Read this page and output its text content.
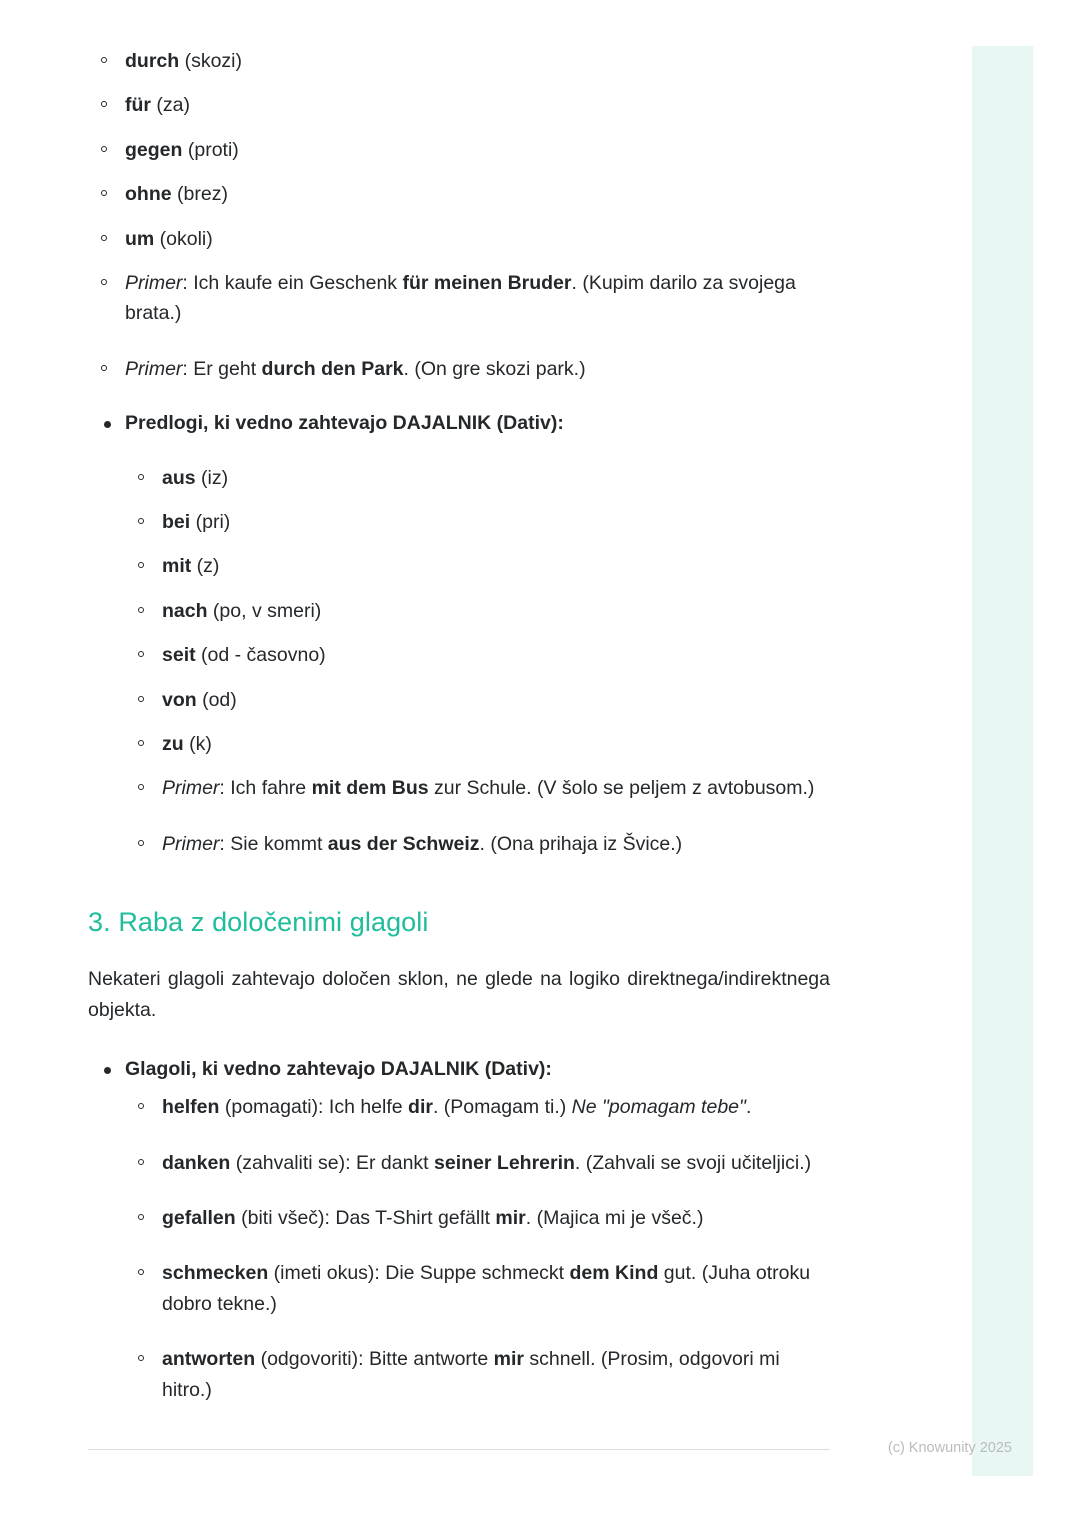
durch (skozi)
für (za)
gegen (proti)
ohne (brez)
um (okoli)
Primer: Ich kaufe ein Geschenk für meinen Bruder. (Kupim darilo za svojega brata.)
Primer: Er geht durch den Park. (On gre skozi park.)
Predlogi, ki vedno zahtevajo DAJALNIK (Dativ):
aus (iz)
bei (pri)
mit (z)
nach (po, v smeri)
seit (od - časovno)
von (od)
zu (k)
Primer: Ich fahre mit dem Bus zur Schule. (V šolo se peljem z avtobusom.)
Primer: Sie kommt aus der Schweiz. (Ona prihaja iz Švice.)
3. Raba z določenimi glagoli

Nekateri glagoli zahtevajo določen sklon, ne glede na logiko direktnega/indirektnega objekta.

Glagoli, ki vedno zahtevajo DAJALNIK (Dativ):
helfen (pomagati): Ich helfe dir. (Pomagam ti.) Ne "pomagam tebe".
danken (zahvaliti se): Er dankt seiner Lehrerin. (Zahvali se svoji učiteljici.)
gefallen (biti všeč): Das T-Shirt gefällt mir. (Majica mi je všeč.)
schmecken (imeti okus): Die Suppe schmeckt dem Kind gut. (Juha otroku dobro tekne.)
antworten (odgovoriti): Bitte antworte mir schnell. (Prosim, odgovori mi hitro.)
(c) Knowunity 2025
